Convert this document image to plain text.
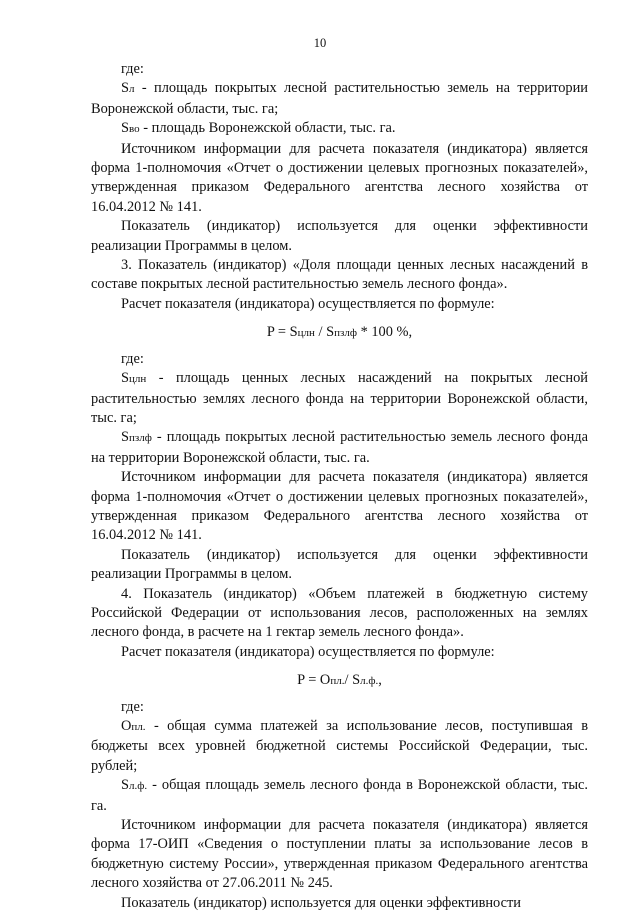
10

где:

Sл - площадь покрытых лесной растительностью земель на территории Воронежской области, тыс. га;

Sво - площадь Воронежской области, тыс. га.

Источником информации для расчета показателя (индикатора) является форма 1-полномочия «Отчет о достижении целевых прогнозных показателей», утвержденная приказом Федерального агентства лесного хозяйства от 16.04.2012 № 141.

Показатель (индикатор) используется для оценки эффективности реализации Программы в целом.

3. Показатель (индикатор) «Доля площади ценных лесных насаждений в составе покрытых лесной растительностью земель лесного фонда».

Расчет показателя (индикатора) осуществляется по формуле:

P = Sцлн / Sпзлф * 100 %,

где:

Sцлн - площадь ценных лесных насаждений на покрытых лесной растительностью землях лесного фонда на территории Воронежской области, тыс. га;

Sпзлф - площадь покрытых лесной растительностью земель лесного фонда на территории Воронежской области, тыс. га.

Источником информации для расчета показателя (индикатора) является форма 1-полномочия «Отчет о достижении целевых прогнозных показателей», утвержденная приказом Федерального агентства лесного хозяйства от 16.04.2012 № 141.

Показатель (индикатор) используется для оценки эффективности реализации Программы в целом.

4. Показатель (индикатор) «Объем платежей в бюджетную систему Российской Федерации от использования лесов, расположенных на землях лесного фонда, в расчете на 1 гектар земель лесного фонда».

Расчет показателя (индикатора) осуществляется по формуле:

P = Oпл./ Sл.ф.,

где:

Oпл. - общая сумма платежей за использование лесов, поступившая в бюджеты всех уровней бюджетной системы Российской Федерации, тыс. рублей;

Sл.ф. - общая площадь земель лесного фонда в Воронежской области, тыс. га.

Источником информации для расчета показателя (индикатора) является форма 17-ОИП «Сведения о поступлении платы за использование лесов в бюджетную систему России», утвержденная приказом Федерального агентства лесного хозяйства от 27.06.2011 № 245.

Показатель (индикатор) используется для оценки эффективности
